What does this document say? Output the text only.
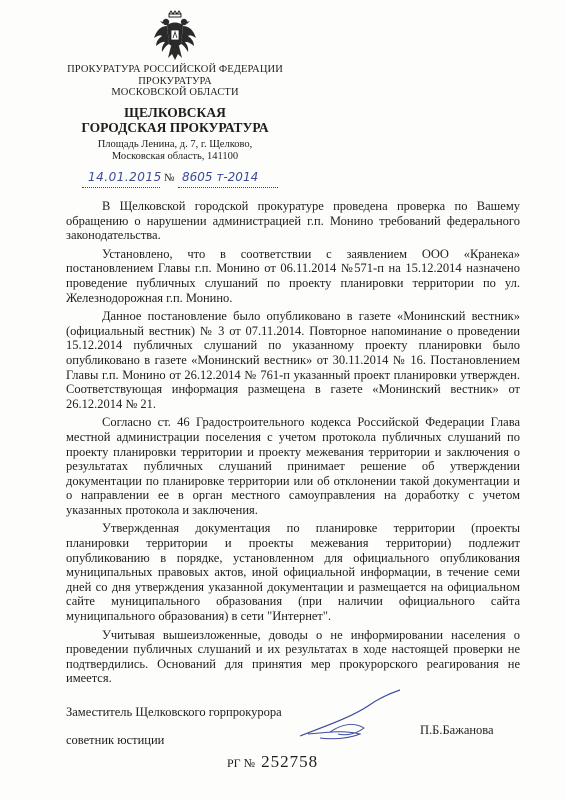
ПРОКУРАТУРА РОССИЙСКОЙ ФЕДЕРАЦИИ
ПРОКУРАТУРА
МОСКОВСКОЙ ОБЛАСТИ
ЩЕЛКОВСКАЯ
ГОРОДСКАЯ ПРОКУРАТУРА
Площадь Ленина, д. 7, г. Щелково,
Московская область, 141100
14.01.2015 № 8605 т-2014

В Щелковской городской прокуратуре проведена проверка по Вашему обращению о нарушении администрацией г.п. Монино требований федерального законодательства.

Установлено, что в соответствии с заявлением ООО «Кранека» постановлением Главы г.п. Монино от 06.11.2014 №571-п на 15.12.2014 назначено проведение публичных слушаний по проекту планировки территории по ул. Железнодорожная г.п. Монино.

Данное постановление было опубликовано в газете «Монинский вестник» (официальный вестник) № 3 от 07.11.2014. Повторное напоминание о проведении 15.12.2014 публичных слушаний по указанному проекту планировки было опубликовано в газете «Монинский вестник» от 30.11.2014 № 16. Постановлением Главы г.п. Монино от 26.12.2014 № 761-п указанный проект планировки утвержден. Соответствующая информация размещена в газете «Монинский вестник» от 26.12.2014 № 21.

Согласно ст. 46 Градостроительного кодекса Российской Федерации Глава местной администрации поселения с учетом протокола публичных слушаний по проекту планировки территории и проекту межевания территории и заключения о результатах публичных слушаний принимает решение об утверждении документации по планировке территории или об отклонении такой документации и о направлении ее в орган местного самоуправления на доработку с учетом указанных протокола и заключения.

Утвержденная документация по планировке территории (проекты планировки территории и проекты межевания территории) подлежит опубликованию в порядке, установленном для официального опубликования муниципальных правовых актов, иной официальной информации, в течение семи дней со дня утверждения указанной документации и размещается на официальном сайте муниципального образования (при наличии официального сайта муниципального образования) в сети "Интернет".

Учитывая вышеизложенные, доводы о не информировании населения о проведении публичных слушаний и их результатах в ходе настоящей проверки не подтвердились. Оснований для принятия мер прокурорского реагирования не имеется.

Заместитель Щелковского горпрокурора
советник юстиции
П.Б.Бажанова
РГ № 252758
